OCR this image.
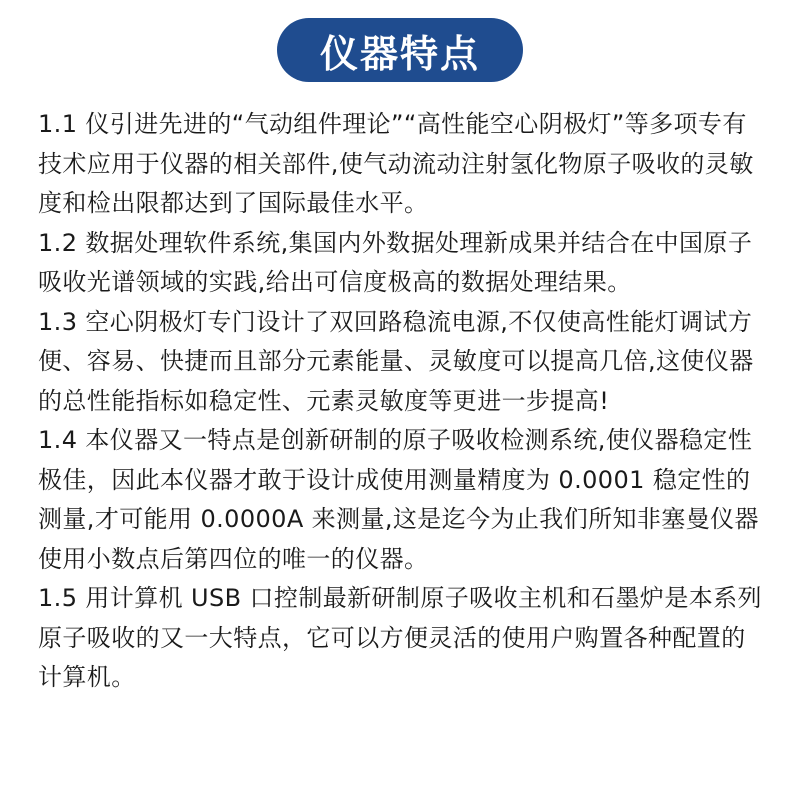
仪器特点

1.1 仪引进先进的“气动组件理论”“高性能空心阴极灯”等多项专有技术应用于仪器的相关部件,使气动流动注射氢化物原子吸收的灵敏度和检出限都达到了国际最佳水平。

1.2 数据处理软件系统,集国内外数据处理新成果并结合在中国原子吸收光谱领域的实践,给出可信度极高的数据处理结果。

1.3 空心阴极灯专门设计了双回路稳流电源,不仅使高性能灯调试方便、容易、快捷而且部分元素能量、灵敏度可以提高几倍,这使仪器的总性能指标如稳定性、元素灵敏度等更进一步提高!

1.4 本仪器又一特点是创新研制的原子吸收检测系统,使仪器稳定性极佳，因此本仪器才敢于设计成使用测量精度为 0.0001 稳定性的测量,才可能用 0.0000A 来测量,这是迄今为止我们所知非塞曼仪器使用小数点后第四位的唯一的仪器。

1.5 用计算机 USB 口控制最新研制原子吸收主机和石墨炉是本系列原子吸收的又一大特点，它可以方便灵活的使用户购置各种配置的计算机。
